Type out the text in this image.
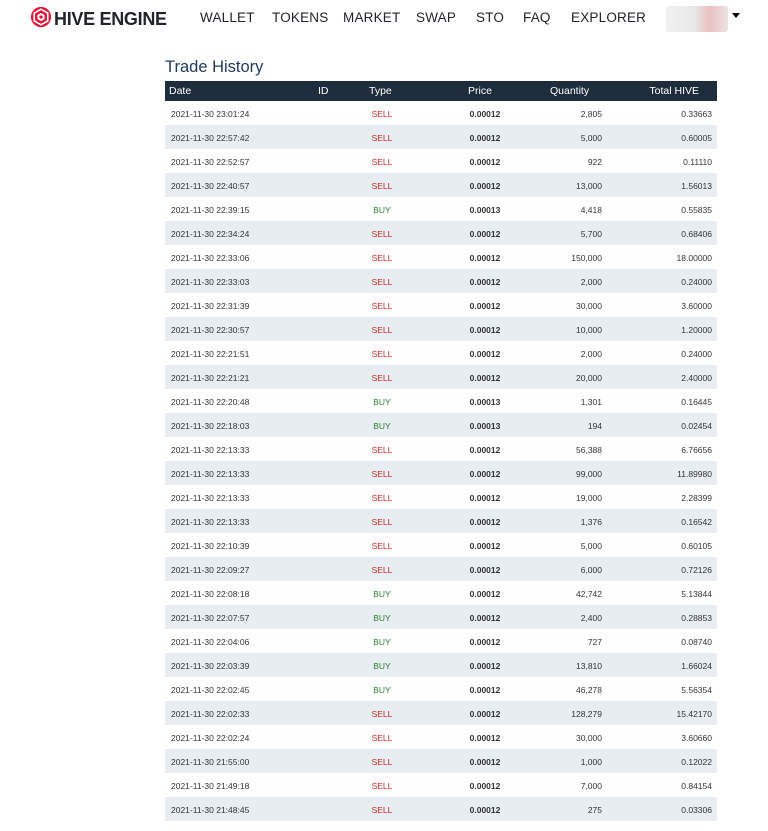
HIVE ENGINE WALLET TOKENS MARKET SWAP STO FAQ EXPLORER
Trade History
Date	ID	Type	Price	Quantity	Total HIVE
2021-11-30 23:01:24	SELL	0.00012	2,805	0.33663
2021-11-30 22:57:42	SELL	0.00012	5,000	0.60005
2021-11-30 22:52:57	SELL	0.00012	922	0.11110
2021-11-30 22:40:57	SELL	0.00012	13,000	1.56013
2021-11-30 22:39:15	BUY	0.00013	4,418	0.55835
2021-11-30 22:34:24	SELL	0.00012	5,700	0.68406
2021-11-30 22:33:06	SELL	0.00012	150,000	18.00000
2021-11-30 22:33:03	SELL	0.00012	2,000	0.24000
2021-11-30 22:31:39	SELL	0.00012	30,000	3.60000
2021-11-30 22:30:57	SELL	0.00012	10,000	1.20000
2021-11-30 22:21:51	SELL	0.00012	2,000	0.24000
2021-11-30 22:21:21	SELL	0.00012	20,000	2.40000
2021-11-30 22:20:48	BUY	0.00013	1,301	0.16445
2021-11-30 22:18:03	BUY	0.00013	194	0.02454
2021-11-30 22:13:33	SELL	0.00012	56,388	6.76656
2021-11-30 22:13:33	SELL	0.00012	99,000	11.89980
2021-11-30 22:13:33	SELL	0.00012	19,000	2.28399
2021-11-30 22:13:33	SELL	0.00012	1,376	0.16542
2021-11-30 22:10:39	SELL	0.00012	5,000	0.60105
2021-11-30 22:09:27	SELL	0.00012	6,000	0.72126
2021-11-30 22:08:18	BUY	0.00012	42,742	5.13844
2021-11-30 22:07:57	BUY	0.00012	2,400	0.28853
2021-11-30 22:04:06	BUY	0.00012	727	0.08740
2021-11-30 22:03:39	BUY	0.00012	13,810	1.66024
2021-11-30 22:02:45	BUY	0.00012	46,278	5.56354
2021-11-30 22:02:33	SELL	0.00012	128,279	15.42170
2021-11-30 22:02:24	SELL	0.00012	30,000	3.60660
2021-11-30 21:55:00	SELL	0.00012	1,000	0.12022
2021-11-30 21:49:18	SELL	0.00012	7,000	0.84154
2021-11-30 21:48:45	SELL	0.00012	275	0.03306
